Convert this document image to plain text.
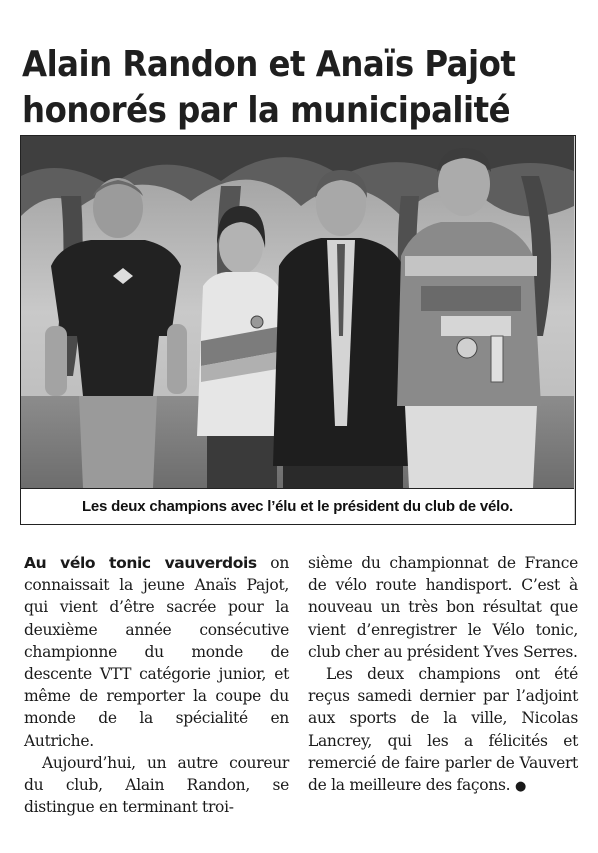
Alain Randon et Anaïs Pajot
honorés par la municipalité
Les deux champions avec l’élu et le président du club de vélo.

Au vélo tonic vauverdois on connaissait la jeune Anaïs Pajot, qui vient d’être sacrée pour la deuxième année consécutive championne du monde de descente VTT catégorie junior, et même de remporter la coupe du monde de la spécialité en Autriche.

Aujourd’hui, un autre coureur du club, Alain Randon, se distingue en terminant troi-

sième du championnat de France de vélo route handisport. C’est à nouveau un très bon résultat que vient d’enregistrer le Vélo tonic, club cher au président Yves Serres.

Les deux champions ont été reçus samedi dernier par l’adjoint aux sports de la ville, Nicolas Lancrey, qui les a félicités et remercié de faire parler de Vauvert de la meilleure des façons. ●
